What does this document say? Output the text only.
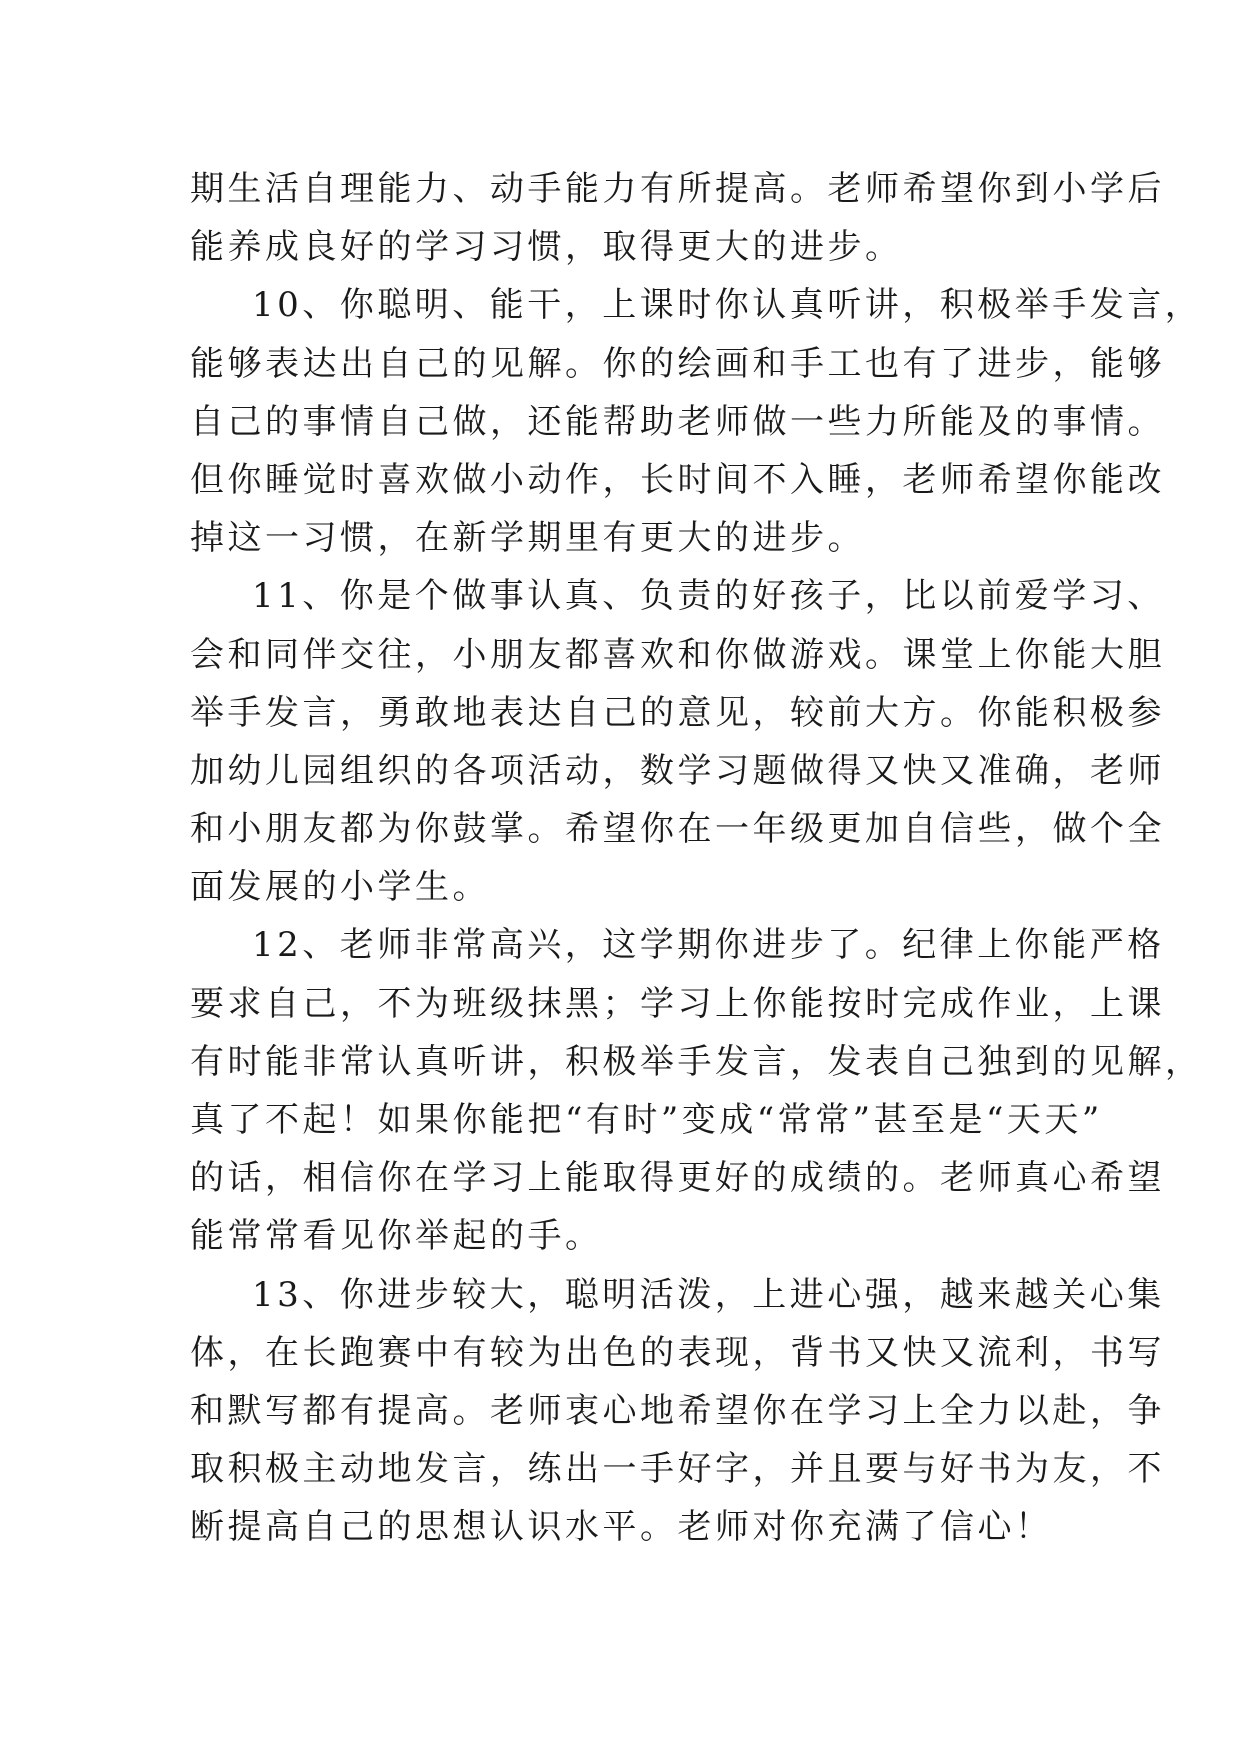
期生活自理能力、动手能力有所提高。老师希望你到小学后
能养成良好的学习习惯，取得更大的进步。
10、你聪明、能干，上课时你认真听讲，积极举手发言，
能够表达出自己的见解。你的绘画和手工也有了进步，能够
自己的事情自己做，还能帮助老师做一些力所能及的事情。
但你睡觉时喜欢做小动作，长时间不入睡，老师希望你能改
掉这一习惯，在新学期里有更大的进步。
11、你是个做事认真、负责的好孩子，比以前爱学习、
会和同伴交往，小朋友都喜欢和你做游戏。课堂上你能大胆
举手发言，勇敢地表达自己的意见，较前大方。你能积极参
加幼儿园组织的各项活动，数学习题做得又快又准确，老师
和小朋友都为你鼓掌。希望你在一年级更加自信些，做个全
面发展的小学生。
12、老师非常高兴，这学期你进步了。纪律上你能严格
要求自己，不为班级抹黑；学习上你能按时完成作业，上课
有时能非常认真听讲，积极举手发言，发表自己独到的见解，
真了不起！如果你能把“有时”变成“常常”甚至是“天天”
的话，相信你在学习上能取得更好的成绩的。老师真心希望
能常常看见你举起的手。
13、你进步较大，聪明活泼，上进心强，越来越关心集
体，在长跑赛中有较为出色的表现，背书又快又流利，书写
和默写都有提高。老师衷心地希望你在学习上全力以赴，争
取积极主动地发言，练出一手好字，并且要与好书为友，不
断提高自己的思想认识水平。老师对你充满了信心！
